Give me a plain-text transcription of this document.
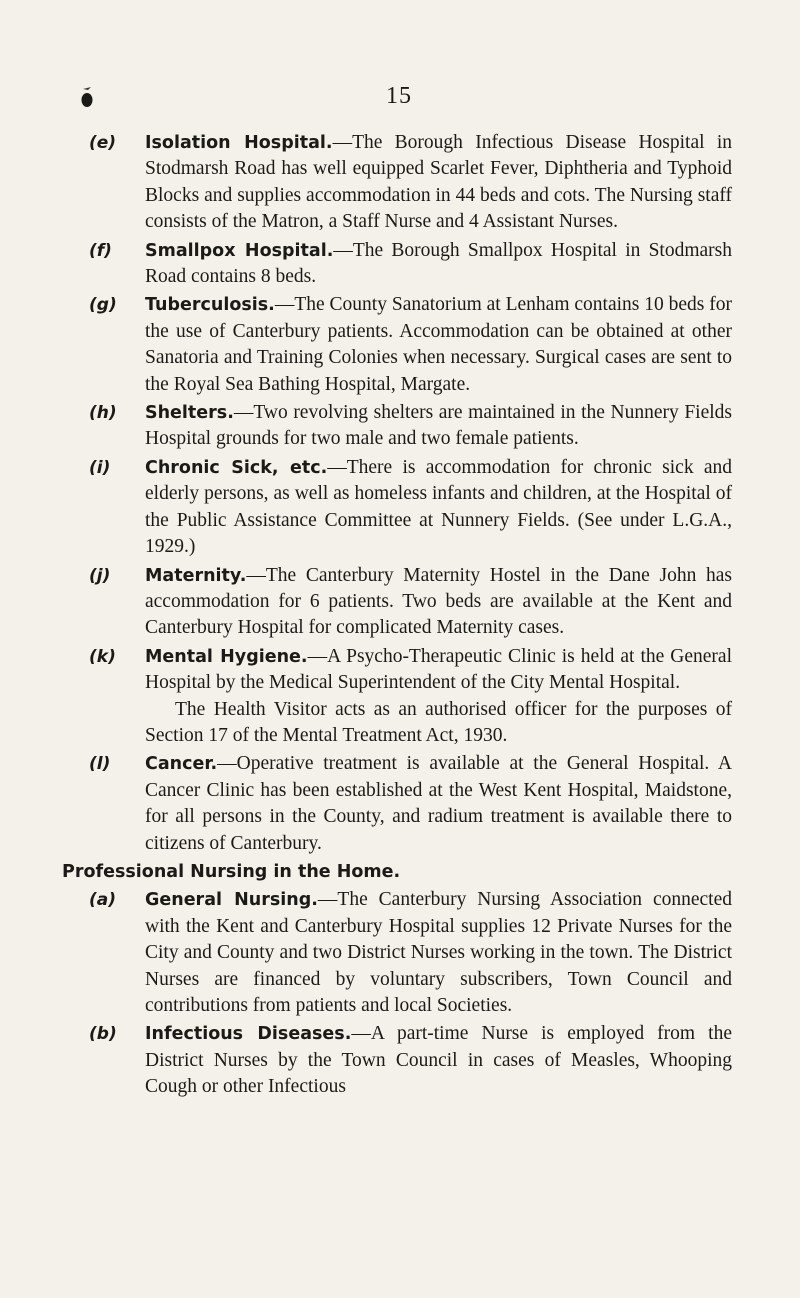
15
(e) Isolation Hospital.—The Borough Infectious Disease Hospital in Stodmarsh Road has well equipped Scarlet Fever, Diphtheria and Typhoid Blocks and supplies accommodation in 44 beds and cots. The Nursing staff consists of the Matron, a Staff Nurse and 4 Assistant Nurses.

(f) Smallpox Hospital.—The Borough Smallpox Hospital in Stodmarsh Road contains 8 beds.

(g) Tuberculosis.—The County Sanatorium at Lenham contains 10 beds for the use of Canterbury patients. Accommodation can be obtained at other Sanatoria and Training Colonies when necessary. Surgical cases are sent to the Royal Sea Bathing Hospital, Margate.

(h) Shelters.—Two revolving shelters are maintained in the Nunnery Fields Hospital grounds for two male and two female patients.

(i) Chronic Sick, etc.—There is accommodation for chronic sick and elderly persons, as well as homeless infants and children, at the Hospital of the Public Assistance Committee at Nunnery Fields. (See under L.G.A., 1929.)

(j) Maternity.—The Canterbury Maternity Hostel in the Dane John has accommodation for 6 patients. Two beds are available at the Kent and Canterbury Hospital for complicated Maternity cases.

(k) Mental Hygiene.—A Psycho-Therapeutic Clinic is held at the General Hospital by the Medical Superintendent of the City Mental Hospital.

The Health Visitor acts as an authorised officer for the purposes of Section 17 of the Mental Treatment Act, 1930.

(l) Cancer.—Operative treatment is available at the General Hospital. A Cancer Clinic has been established at the West Kent Hospital, Maidstone, for all persons in the County, and radium treatment is available there to citizens of Canterbury.

Professional Nursing in the Home.
(a) General Nursing.—The Canterbury Nursing Association connected with the Kent and Canterbury Hospital supplies 12 Private Nurses for the City and County and two District Nurses working in the town. The District Nurses are financed by voluntary subscribers, Town Council and contributions from patients and local Societies.

(b) Infectious Diseases.—A part-time Nurse is employed from the District Nurses by the Town Council in cases of Measles, Whooping Cough or other Infectious
